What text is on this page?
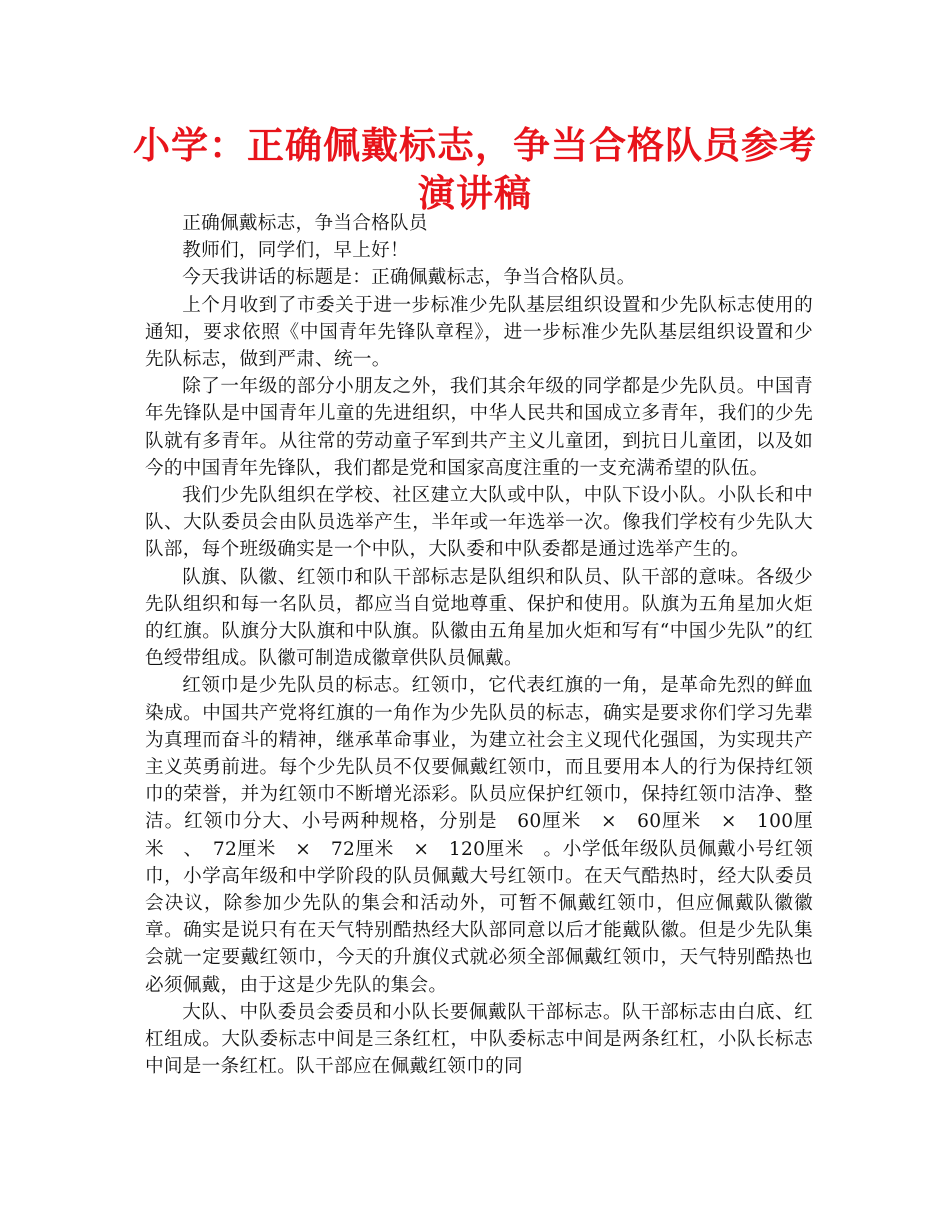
小学：正确佩戴标志，争当合格队员参考演讲稿

正确佩戴标志，争当合格队员

教师们，同学们，早上好！

今天我讲话的标题是：正确佩戴标志，争当合格队员。

上个月收到了市委关于进一步标准少先队基层组织设置和少先队标志使用的通知，要求依照《中国青年先锋队章程》，进一步标准少先队基层组织设置和少先队标志，做到严肃、统一。

除了一年级的部分小朋友之外，我们其余年级的同学都是少先队员。中国青年先锋队是中国青年儿童的先进组织，中华人民共和国成立多青年，我们的少先队就有多青年。从往常的劳动童子军到共产主义儿童团，到抗日儿童团，以及如今的中国青年先锋队，我们都是党和国家高度注重的一支充满希望的队伍。

我们少先队组织在学校、社区建立大队或中队，中队下设小队。小队长和中队、大队委员会由队员选举产生，半年或一年选举一次。像我们学校有少先队大队部，每个班级确实是一个中队，大队委和中队委都是通过选举产生的。

队旗、队徽、红领巾和队干部标志是队组织和队员、队干部的意味。各级少先队组织和每一名队员，都应当自觉地尊重、保护和使用。队旗为五角星加火炬的红旗。队旗分大队旗和中队旗。队徽由五角星加火炬和写有“中国少先队”的红色绶带组成。队徽可制造成徽章供队员佩戴。

红领巾是少先队员的标志。红领巾，它代表红旗的一角，是革命先烈的鲜血染成。中国共产党将红旗的一角作为少先队员的标志，确实是要求你们学习先辈为真理而奋斗的精神，继承革命事业，为建立社会主义现代化强国，为实现共产主义英勇前进。每个少先队员不仅要佩戴红领巾，而且要用本人的行为保持红领巾的荣誉，并为红领巾不断增光添彩。队员应保护红领巾，保持红领巾洁净、整洁。红领巾分大、小号两种规格，分别是　60厘米　×　60厘米　×　100厘米　、　72厘米　×　72厘米　×　120厘米　。小学低年级队员佩戴小号红领巾，小学高年级和中学阶段的队员佩戴大号红领巾。在天气酷热时，经大队委员会决议，除参加少先队的集会和活动外，可暂不佩戴红领巾，但应佩戴队徽徽章。确实是说只有在天气特别酷热经大队部同意以后才能戴队徽。但是少先队集会就一定要戴红领巾，今天的升旗仪式就必须全部佩戴红领巾，天气特别酷热也必须佩戴，由于这是少先队的集会。

大队、中队委员会委员和小队长要佩戴队干部标志。队干部标志由白底、红杠组成。大队委标志中间是三条红杠，中队委标志中间是两条红杠，小队长标志中间是一条红杠。队干部应在佩戴红领巾的同
